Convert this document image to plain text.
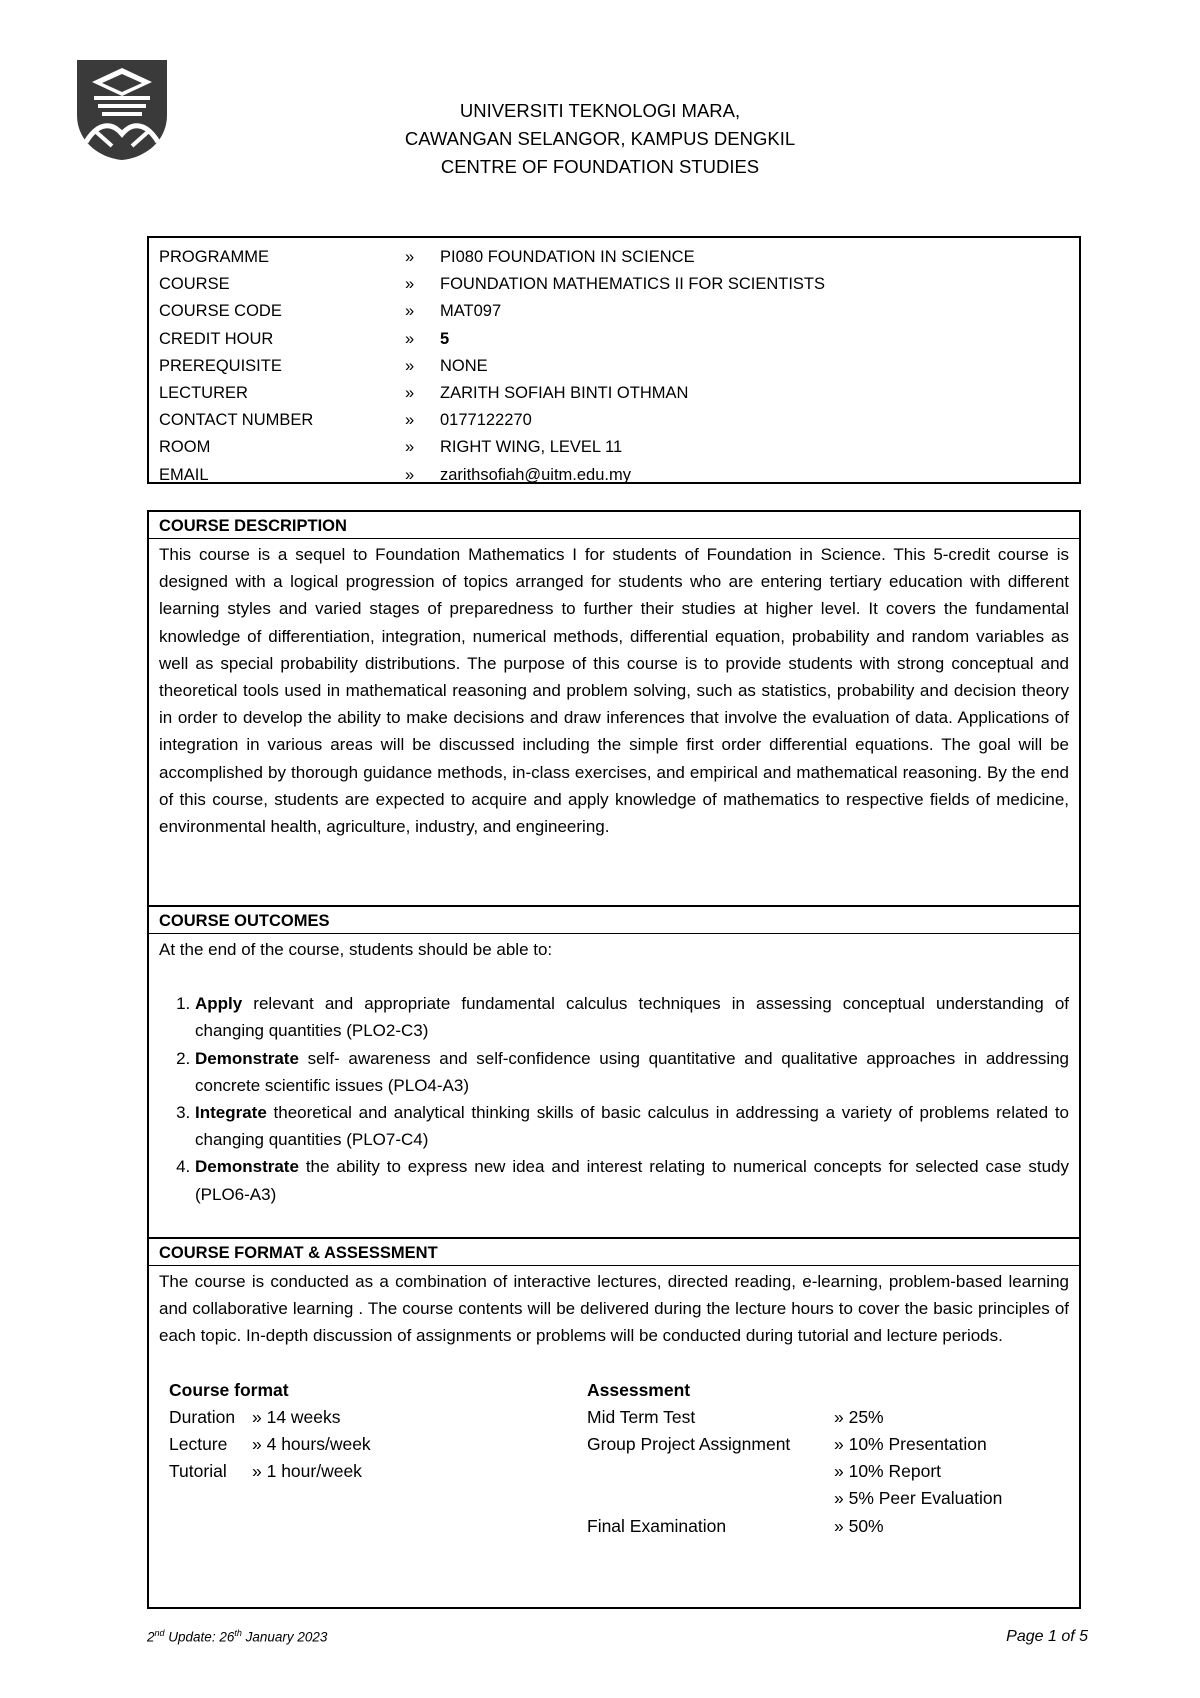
UNIVERSITI TEKNOLOGI MARA,
CAWANGAN SELANGOR, KAMPUS DENGKIL
CENTRE OF FOUNDATION STUDIES
PROGRAMME	»	PI080 FOUNDATION IN SCIENCE
COURSE	»	FOUNDATION MATHEMATICS II FOR SCIENTISTS
COURSE CODE	»	MAT097
CREDIT HOUR	»	5
PREREQUISITE	»	NONE
LECTURER	»	ZARITH SOFIAH BINTI OTHMAN
CONTACT NUMBER	»	0177122270
ROOM	»	RIGHT WING, LEVEL 11
EMAIL	»	zarithsofiah@uitm.edu.my
COURSE DESCRIPTION
This course is a sequel to Foundation Mathematics I for students of Foundation in Science. This 5-credit course is designed with a logical progression of topics arranged for students who are entering tertiary education with different learning styles and varied stages of preparedness to further their studies at higher level. It covers the fundamental knowledge of differentiation, integration, numerical methods, differential equation, probability and random variables as well as special probability distributions. The purpose of this course is to provide students with strong conceptual and theoretical tools used in mathematical reasoning and problem solving, such as statistics, probability and decision theory in order to develop the ability to make decisions and draw inferences that involve the evaluation of data. Applications of integration in various areas will be discussed including the simple first order differential equations. The goal will be accomplished by thorough guidance methods, in-class exercises, and empirical and mathematical reasoning. By the end of this course, students are expected to acquire and apply knowledge of mathematics to respective fields of medicine, environmental health, agriculture, industry, and engineering.
COURSE OUTCOMES

At the end of the course, students should be able to:

1. Apply relevant and appropriate fundamental calculus techniques in assessing conceptual understanding of changing quantities (PLO2-C3)
2. Demonstrate self- awareness and self-confidence using quantitative and qualitative approaches in addressing concrete scientific issues (PLO4-A3)
3. Integrate theoretical and analytical thinking skills of basic calculus in addressing a variety of problems related to changing quantities (PLO7-C4)
4. Demonstrate the ability to express new idea and interest relating to numerical concepts for selected case study (PLO6-A3)
COURSE FORMAT & ASSESSMENT
The course is conducted as a combination of interactive lectures, directed reading, e-learning, problem-based learning and collaborative learning . The course contents will be delivered during the lecture hours to cover the basic principles of each topic. In-depth discussion of assignments or problems will be conducted during tutorial and lecture periods.
Course format
Duration » 14 weeks
Lecture	» 4 hours/week
Tutorial	» 1 hour/week
Assessment
Mid Term Test	» 25%
Group Project Assignment	» 10% Presentation
» 10% Report
» 5% Peer Evaluation
Final Examination	» 50%
2nd Update: 26th January 2023	Page 1 of 5
